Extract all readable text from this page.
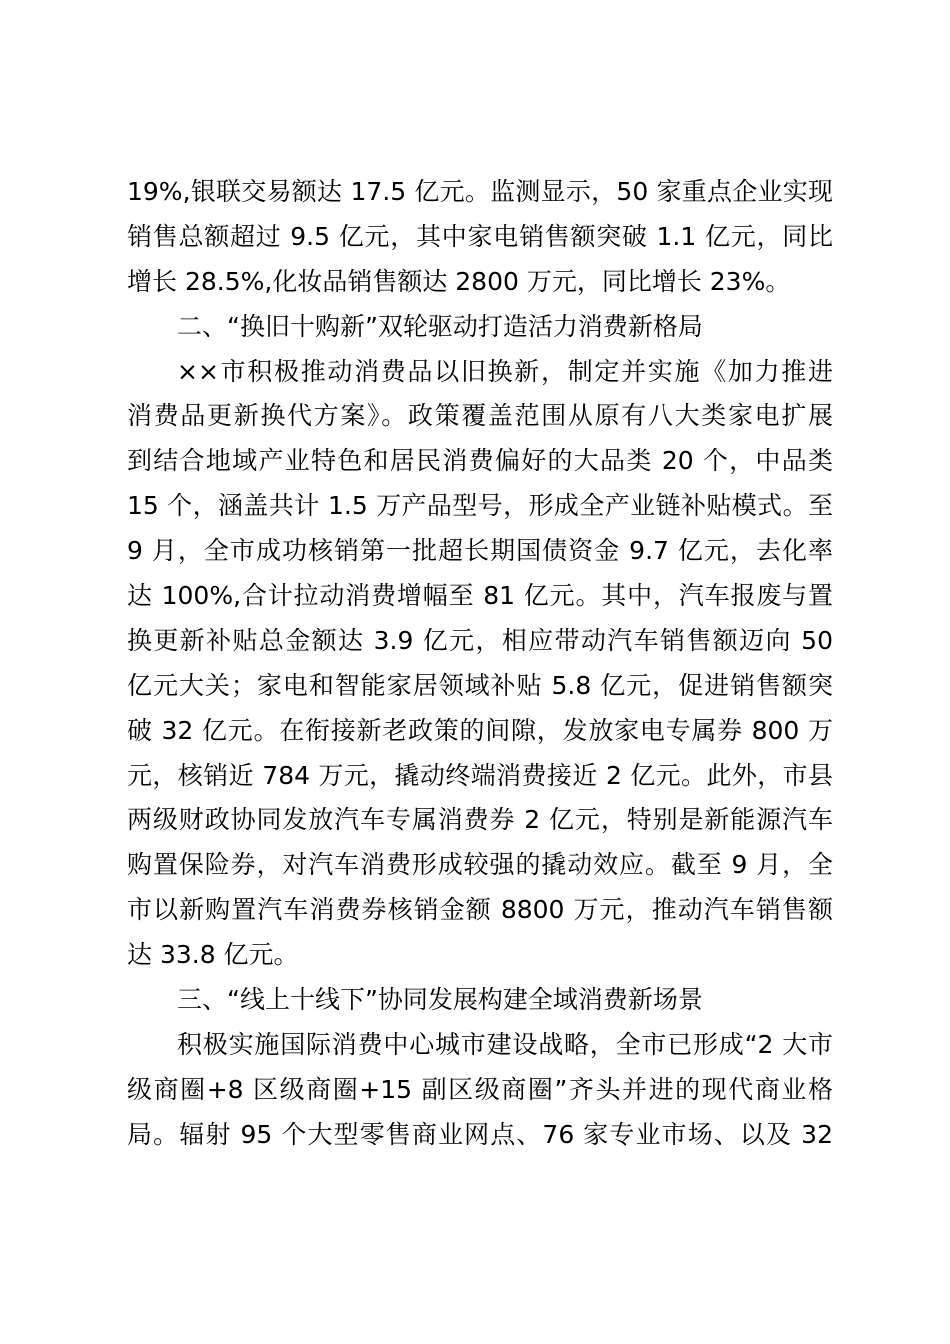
19%,银联交易额达 17.5 亿元。监测显示，50 家重点企业实现
销售总额超过 9.5 亿元，其中家电销售额突破 1.1 亿元，同比
增长 28.5%,化妆品销售额达 2800 万元，同比增长 23%。
二、“换旧十购新”双轮驱动打造活力消费新格局
××市积极推动消费品以旧换新，制定并实施《加力推进
消费品更新换代方案》。政策覆盖范围从原有八大类家电扩展
到结合地域产业特色和居民消费偏好的大品类 20 个，中品类
15 个，涵盖共计 1.5 万产品型号，形成全产业链补贴模式。至
9 月，全市成功核销第一批超长期国债资金 9.7 亿元，去化率
达 100%,合计拉动消费增幅至 81 亿元。其中，汽车报废与置
换更新补贴总金额达 3.9 亿元，相应带动汽车销售额迈向 50
亿元大关；家电和智能家居领域补贴 5.8 亿元，促进销售额突
破 32 亿元。在衔接新老政策的间隙，发放家电专属券 800 万
元，核销近 784 万元，撬动终端消费接近 2 亿元。此外，市县
两级财政协同发放汽车专属消费券 2 亿元，特别是新能源汽车
购置保险券，对汽车消费形成较强的撬动效应。截至 9 月，全
市以新购置汽车消费券核销金额 8800 万元，推动汽车销售额
达 33.8 亿元。
三、“线上十线下”协同发展构建全域消费新场景
积极实施国际消费中心城市建设战略，全市已形成“2 大市
级商圈+8 区级商圈+15 副区级商圈”齐头并进的现代商业格
局。辐射 95 个大型零售商业网点、76 家专业市场、以及 32
